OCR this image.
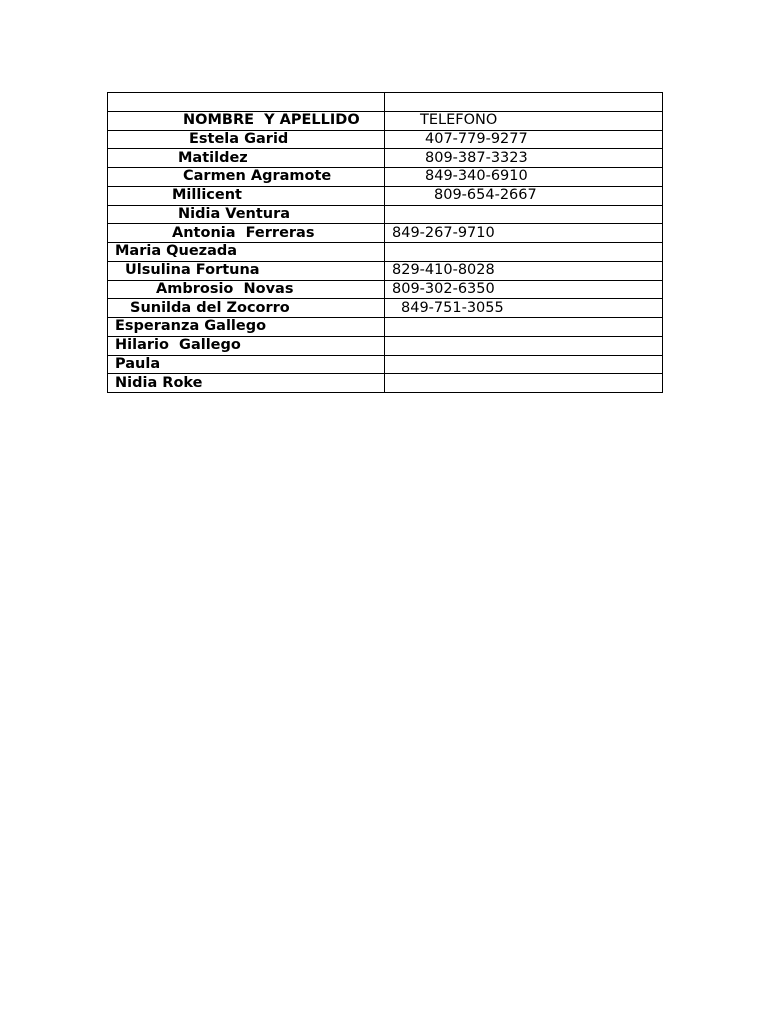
NOMBRE  Y APELLIDO	TELEFONO
Estela Garid	407-779-9277
Matildez	809-387-3323
Carmen Agramote	849-340-6910
Millicent	809-654-2667
Nidia Ventura	
Antonia  Ferreras	849-267-9710
Maria Quezada	
Ulsulina Fortuna	829-410-8028
Ambrosio  Novas	809-302-6350
Sunilda del Zocorro	849-751-3055
Esperanza Gallego	
Hilario  Gallego	
Paula	
Nidia Roke	
